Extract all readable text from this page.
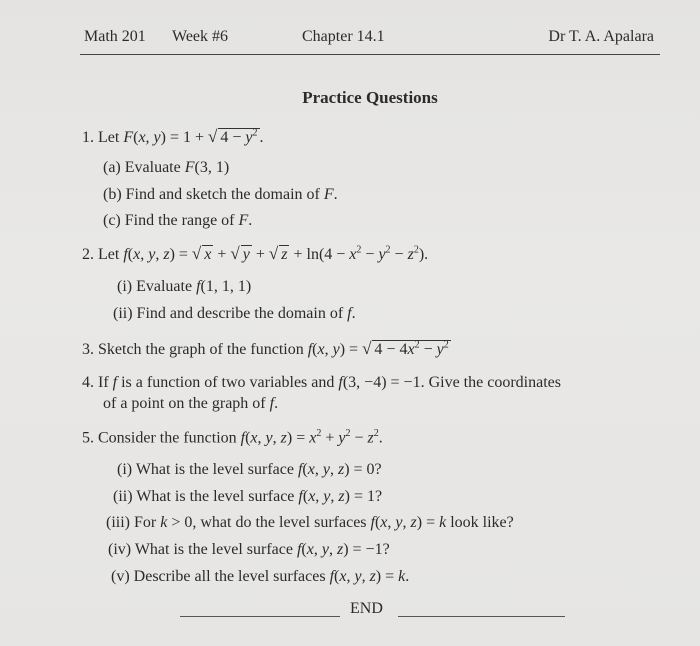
Math 201 Week #6	Chapter 14.1	Dr T. A. Apalara
Practice Questions
1. Let F(x, y) = 1 + √ $4 - y^2$ .
(a) Evaluate F(3, 1)
(b) Find and sketch the domain of F.
(c) Find the range of F.
2. Let f(x, y, z) = √ x + √ y + √ $z + \ln(4 - x^2 - y^2 - z^2)$.
(i) Evaluate f(1, 1, 1)
(ii) Find and describe the domain of f.
3. Sketch the graph of the function f(x, y) = √ $4 - 4x^2 - y^2$
4. If f is a function of two variables and f(3, −4) = −1. Give the coordinates
of a point on the graph of f.
5. Consider the function f(x, y, $z) = x^2 + y^2 - z^2$.
(i) What is the level surface f(x, y, z) = 0?
(ii) What is the level surface f(x, y, z) = 1?
(iii) For k > 0, what do the level surfaces f(x, y, z) = k look like?
(iv) What is the level surface f(x, y, z) = −1?
(v) Describe all the level surfaces f(x, y, z) = k.
END
